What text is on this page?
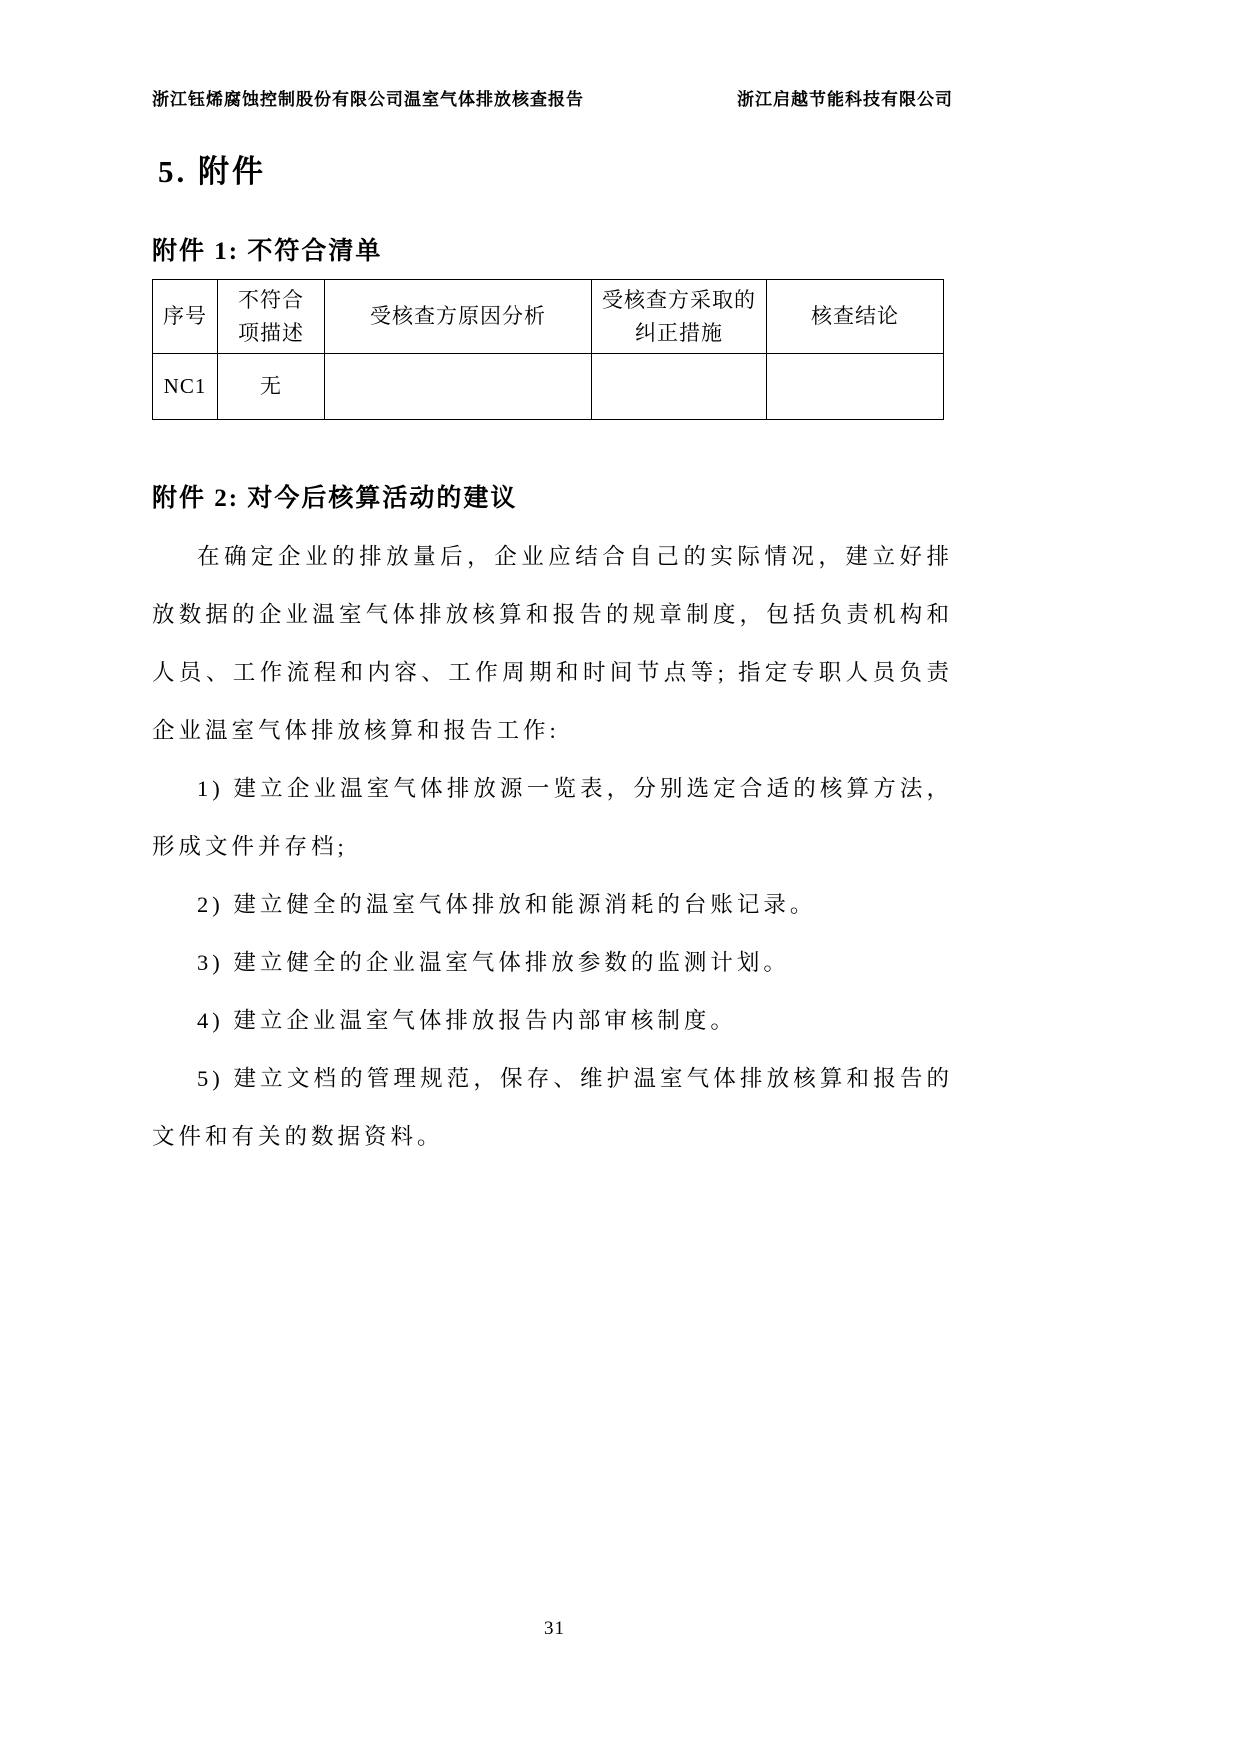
浙江钰烯腐蚀控制股份有限公司温室气体排放核查报告	浙江启越节能科技有限公司
5. 附件
附件 1: 不符合清单
序号	不符合项描述	受核查方原因分析	受核查方采取的纠正措施	核查结论
NC1	无			
附件 2: 对今后核算活动的建议

在确定企业的排放量后，企业应结合自己的实际情况，建立好排放数据的企业温室气体排放核算和报告的规章制度，包括负责机构和人员、工作流程和内容、工作周期和时间节点等; 指定专职人员负责企业温室气体排放核算和报告工作:

1) 建立企业温室气体排放源一览表，分别选定合适的核算方法，形成文件并存档;

2) 建立健全的温室气体排放和能源消耗的台账记录。

3) 建立健全的企业温室气体排放参数的监测计划。

4) 建立企业温室气体排放报告内部审核制度。

5) 建立文档的管理规范，保存、维护温室气体排放核算和报告的文件和有关的数据资料。

31
